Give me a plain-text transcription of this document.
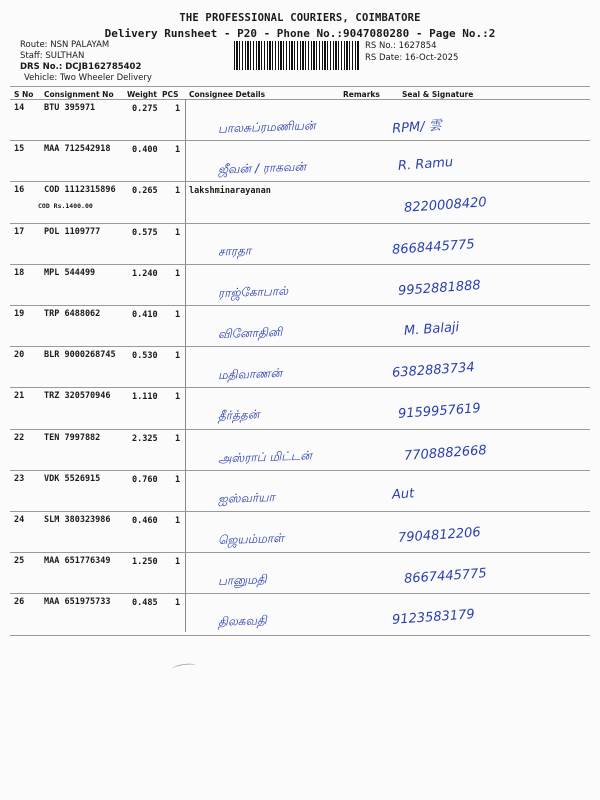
THE PROFESSIONAL COURIERS, COIMBATORE
Delivery Runsheet - P20 - Phone No.:9047080280 - Page No.:2
Route: NSN PALAYAM
Staff: SULTHAN
DRS No.: DCJB162785402
Vehicle: Two Wheeler Delivery
RS No.: 1627854
RS Date: 16-Oct-2025
S No Consignment No Weight PCS Consignee Details	Remarks	Seal & Signature
14 BTU 395971	0.275 1
பாலசுப்ரமணியன்	RPM/ 雲
15 MAA 712542918	0.400 1
ஜீவன் / ராகவன்	R. Ramu
16 COD 1112315896 0.265 1 lakshminarayanan
COD Rs.1400.00	8220008420
17 POL 1109777	0.575 1
சாரதா	8668445775
18 MPL 544499	1.240 1
ராஜ்கோபால்	9952881888
19 TRP 6488062	0.410 1
வினோதினி	M. Balaji
20 BLR 9000268745 0.530 1
மதிவாணன்	6382883734
21 TRZ 320570946	1.110 1
தீர்த்தன்	9159957619
22 TEN 7997882	2.325 1
அஸ்ராப் மிட்டன்	7708882668
23 VDK 5526915	0.760 1
ஐஸ்வர்யா	Aut
24 SLM 380323986	0.460 1
ஜெயம்மாள்	7904812206
25 MAA 651776349	1.250 1
பானுமதி	8667445775
26 MAA 651975733	0.485 1
திலகவதி	9123583179
